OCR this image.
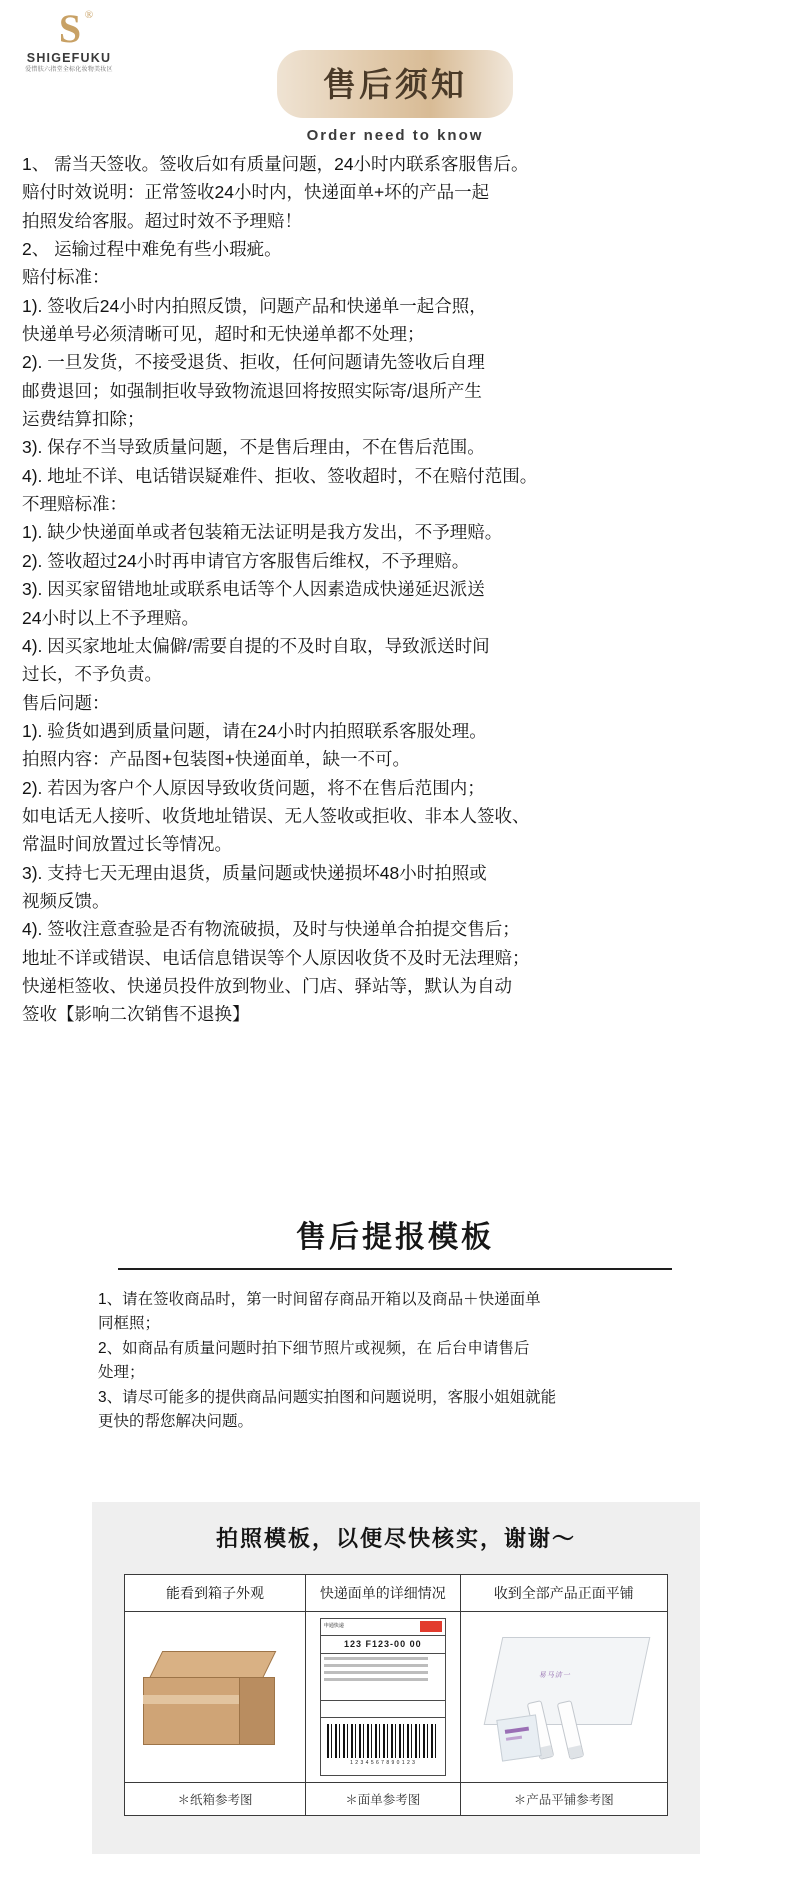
S ®
SHIGEFUKU
爱惜肤六指堂全标化妆物美妆区	售后须知
Order need to know

1、 需当天签收。签收后如有质量问题，24小时内联系客服售后。

赔付时效说明：正常签收24小时内，快递面单+坏的产品一起

拍照发给客服。超过时效不予理赔！

2、 运输过程中难免有些小瑕疵。

赔付标准：

1). 签收后24小时内拍照反馈，问题产品和快递单一起合照，

快递单号必须清晰可见，超时和无快递单都不处理；

2). 一旦发货，不接受退货、拒收，任何问题请先签收后自理

邮费退回；如强制拒收导致物流退回将按照实际寄/退所产生

运费结算扣除；

3). 保存不当导致质量问题，不是售后理由，不在售后范围。

4). 地址不详、电话错误疑难件、拒收、签收超时，不在赔付范围。

不理赔标准：

1). 缺少快递面单或者包装箱无法证明是我方发出，不予理赔。

2). 签收超过24小时再申请官方客服售后维权，不予理赔。

3). 因买家留错地址或联系电话等个人因素造成快递延迟派送

24小时以上不予理赔。

4). 因买家地址太偏僻/需要自提的不及时自取，导致派送时间

过长，不予负责。

售后问题：

1). 验货如遇到质量问题，请在24小时内拍照联系客服处理。

拍照内容：产品图+包装图+快递面单，缺一不可。

2). 若因为客户个人原因导致收货问题，将不在售后范围内；

如电话无人接听、收货地址错误、无人签收或拒收、非本人签收、

常温时间放置过长等情况。

3). 支持七天无理由退货，质量问题或快递损坏48小时拍照或

视频反馈。

4). 签收注意查验是否有物流破损，及时与快递单合拍提交售后；

地址不详或错误、电话信息错误等个人原因收货不及时无法理赔；

快递柜签收、快递员投件放到物业、门店、驿站等，默认为自动

签收【影响二次销售不退换】

售后提报模板

1、请在签收商品时，第一时间留存商品开箱以及商品＋快递面单

同框照；

2、如商品有质量问题时拍下细节照片或视频，在 后台申请售后

处理；

3、请尽可能多的提供商品问题实拍图和问题说明，客服小姐姐就能

更快的帮您解决问题。

拍照模板，以便尽快核实，谢谢～
能看到箱子外观	快递面单的详细情况	收到全部产品正面平铺

	申通快递
123 F123-00 00
1 2 3 4 5 6 7 8 9 0 1 2 3	易马洁一

＊纸箱参考图	＊面单参考图	＊产品平铺参考图
